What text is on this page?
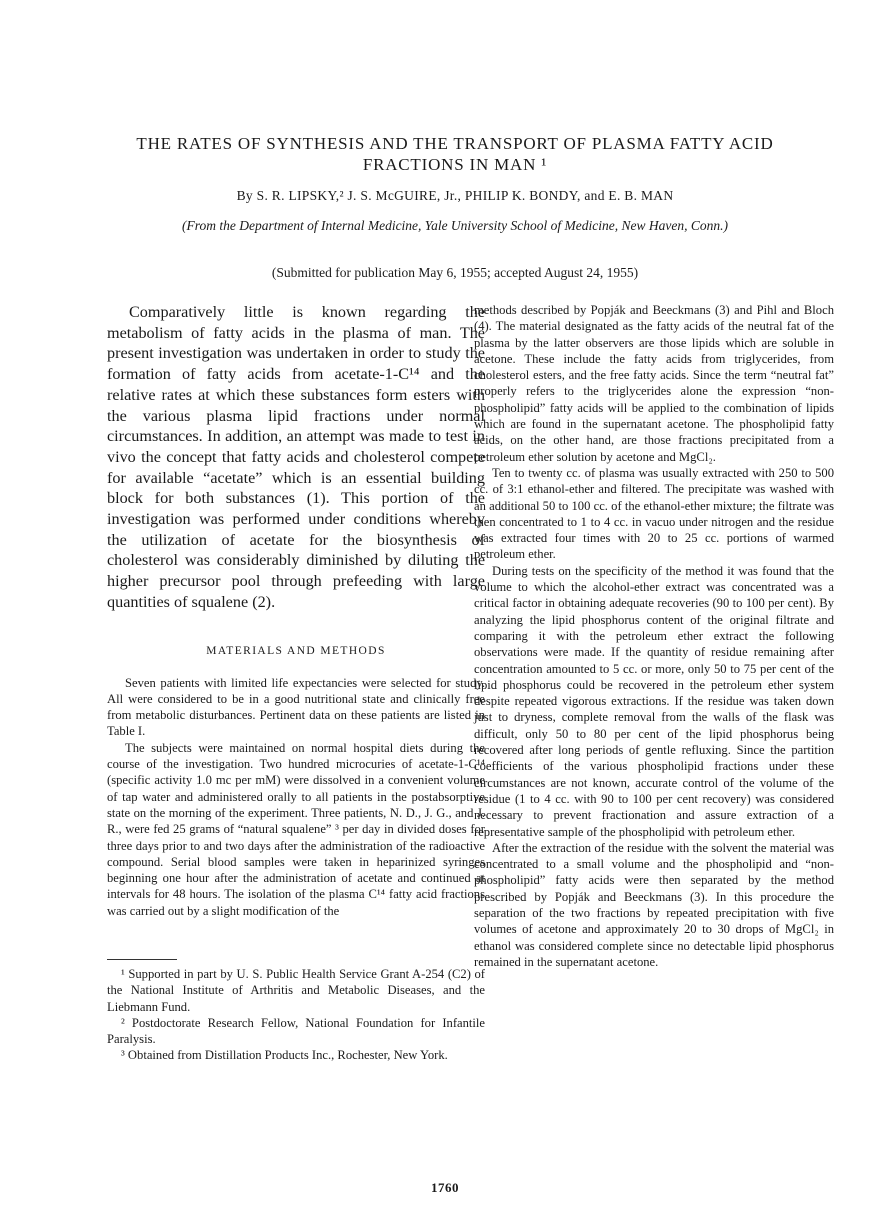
THE RATES OF SYNTHESIS AND THE TRANSPORT OF PLASMA FATTY ACID FRACTIONS IN MAN ¹
By S. R. LIPSKY,² J. S. McGUIRE, Jr., PHILIP K. BONDY, and E. B. MAN
(From the Department of Internal Medicine, Yale University School of Medicine, New Haven, Conn.)
(Submitted for publication May 6, 1955; accepted August 24, 1955)

Comparatively little is known regarding the metabolism of fatty acids in the plasma of man. The present investigation was undertaken in order to study the formation of fatty acids from acetate-1-C¹⁴ and the relative rates at which these substances form esters with the various plasma lipid fractions under normal circumstances. In addition, an attempt was made to test in vivo the concept that fatty acids and cholesterol compete for available “acetate” which is an essential building block for both substances (1). This portion of the investigation was performed under conditions whereby the utilization of acetate for the biosynthesis of cholesterol was considerably diminished by diluting the higher precursor pool through prefeeding with large quantities of squalene (2).

MATERIALS AND METHODS

Seven patients with limited life expectancies were selected for study. All were considered to be in a good nutritional state and clinically free from metabolic disturbances. Pertinent data on these patients are listed in Table I.

The subjects were maintained on normal hospital diets during the course of the investigation. Two hundred microcuries of acetate-1-C¹⁴ (specific activity 1.0 mc per mM) were dissolved in a convenient volume of tap water and administered orally to all patients in the postabsorptive state on the morning of the experiment. Three patients, N. D., J. G., and J. R., were fed 25 grams of “natural squalene” ³ per day in divided doses for three days prior to and two days after the administration of the radioactive compound. Serial blood samples were taken in heparinized syringes beginning one hour after the administration of acetate and continued at intervals for 48 hours. The isolation of the plasma C¹⁴ fatty acid fractions was carried out by a slight modification of the

¹ Supported in part by U. S. Public Health Service Grant A-254 (C2) of the National Institute of Arthritis and Metabolic Diseases, and the Liebmann Fund.

² Postdoctorate Research Fellow, National Foundation for Infantile Paralysis.

³ Obtained from Distillation Products Inc., Rochester, New York.

methods described by Popják and Beeckmans (3) and Pihl and Bloch (4). The material designated as the fatty acids of the neutral fat of the plasma by the latter observers are those lipids which are soluble in acetone. These include the fatty acids from triglycerides, from cholesterol esters, and the free fatty acids. Since the term “neutral fat” properly refers to the triglycerides alone the expression “non-phospholipid” fatty acids will be applied to the combination of lipids which are found in the supernatant acetone. The phospholipid fatty acids, on the other hand, are those fractions precipitated from a petroleum ether solution by acetone and MgCl₂.

Ten to twenty cc. of plasma was usually extracted with 250 to 500 cc. of 3:1 ethanol-ether and filtered. The precipitate was washed with an additional 50 to 100 cc. of the ethanol-ether mixture; the filtrate was then concentrated to 1 to 4 cc. in vacuo under nitrogen and the residue was extracted four times with 20 to 25 cc. portions of warmed petroleum ether.

During tests on the specificity of the method it was found that the volume to which the alcohol-ether extract was concentrated was a critical factor in obtaining adequate recoveries (90 to 100 per cent). By analyzing the lipid phosphorus content of the original filtrate and comparing it with the petroleum ether extract the following observations were made. If the quantity of residue remaining after concentration amounted to 5 cc. or more, only 50 to 75 per cent of the lipid phosphorus could be recovered in the petroleum ether system despite repeated vigorous extractions. If the residue was taken down just to dryness, complete removal from the walls of the flask was difficult, only 50 to 80 per cent of the lipid phosphorus being recovered after long periods of gentle refluxing. Since the partition coefficients of the various phospholipid fractions under these circumstances are not known, accurate control of the volume of the residue (1 to 4 cc. with 90 to 100 per cent recovery) was considered necessary to prevent fractionation and assure extraction of a representative sample of the phospholipid with petroleum ether.

After the extraction of the residue with the solvent the material was concentrated to a small volume and the phospholipid and “non-phospholipid” fatty acids were then separated by the method prescribed by Popják and Beeckmans (3). In this procedure the separation of the two fractions by repeated precipitation with five volumes of acetone and approximately 20 to 30 drops of MgCl₂ in ethanol was considered complete since no detectable lipid phosphorus remained in the supernatant acetone.

1760
